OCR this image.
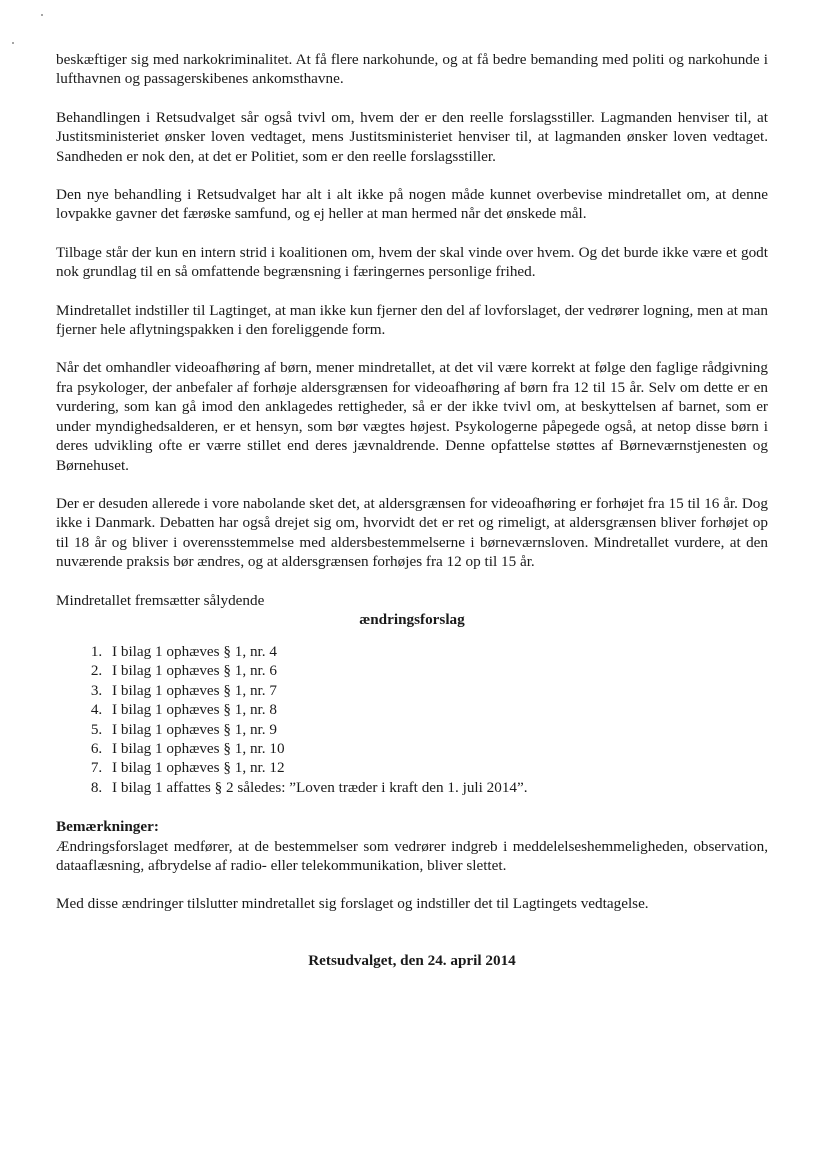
beskæftiger sig med narkokriminalitet. At få flere narkohunde, og at få bedre bemanding med politi og narkohunde i lufthavnen og passagerskibenes ankomsthavne.

Behandlingen i Retsudvalget sår også tvivl om, hvem der er den reelle forslagsstiller. Lagmanden henviser til, at Justitsministeriet ønsker loven vedtaget, mens Justitsministeriet henviser til, at lagmanden ønsker loven vedtaget. Sandheden er nok den, at det er Politiet, som er den reelle forslagsstiller.

Den nye behandling i Retsudvalget har alt i alt ikke på nogen måde kunnet overbevise mindretallet om, at denne lovpakke gavner det færøske samfund, og ej heller at man hermed når det ønskede mål.

Tilbage står der kun en intern strid i koalitionen om, hvem der skal vinde over hvem. Og det burde ikke være et godt nok grundlag til en så omfattende begrænsning i færingernes personlige frihed.

Mindretallet indstiller til Lagtinget, at man ikke kun fjerner den del af lovforslaget, der vedrører logning, men at man fjerner hele aflytningspakken i den foreliggende form.

Når det omhandler videoafhøring af børn, mener mindretallet, at det vil være korrekt at følge den faglige rådgivning fra psykologer, der anbefaler af forhøje aldersgrænsen for videoafhøring af børn fra 12 til 15 år. Selv om dette er en vurdering, som kan gå imod den anklagedes rettigheder, så er der ikke tvivl om, at beskyttelsen af barnet, som er under myndighedsalderen, er et hensyn, som bør vægtes højest. Psykologerne påpegede også, at netop disse børn i deres udvikling ofte er værre stillet end deres jævnaldrende. Denne opfattelse støttes af Børneværnstjenesten og Børnehuset.

Der er desuden allerede i vore nabolande sket det, at aldersgrænsen for videoafhøring er forhøjet fra 15 til 16 år. Dog ikke i Danmark. Debatten har også drejet sig om, hvorvidt det er ret og rimeligt, at aldersgrænsen bliver forhøjet op til 18 år og bliver i overensstemmelse med aldersbestemmelserne i børneværnsloven. Mindretallet vurdere, at den nuværende praksis bør ændres, og at aldersgrænsen forhøjes fra 12 op til 15 år.

Mindretallet fremsætter sålydende

ændringsforslag
1. I bilag 1 ophæves § 1, nr. 4
2. I bilag 1 ophæves § 1, nr. 6
3. I bilag 1 ophæves § 1, nr. 7
4. I bilag 1 ophæves § 1, nr. 8
5. I bilag 1 ophæves § 1, nr. 9
6. I bilag 1 ophæves § 1, nr. 10
7. I bilag 1 ophæves § 1, nr. 12
8. I bilag 1 affattes § 2 således: ”Loven træder i kraft den 1. juli 2014”.

Bemærkninger:

Ændringsforslaget medfører, at de bestemmelser som vedrører indgreb i meddelelseshemmeligheden, observation, dataaflæsning, afbrydelse af radio- eller telekommunikation, bliver slettet.

Med disse ændringer tilslutter mindretallet sig forslaget og indstiller det til Lagtingets vedtagelse.

Retsudvalget, den 24. april 2014
